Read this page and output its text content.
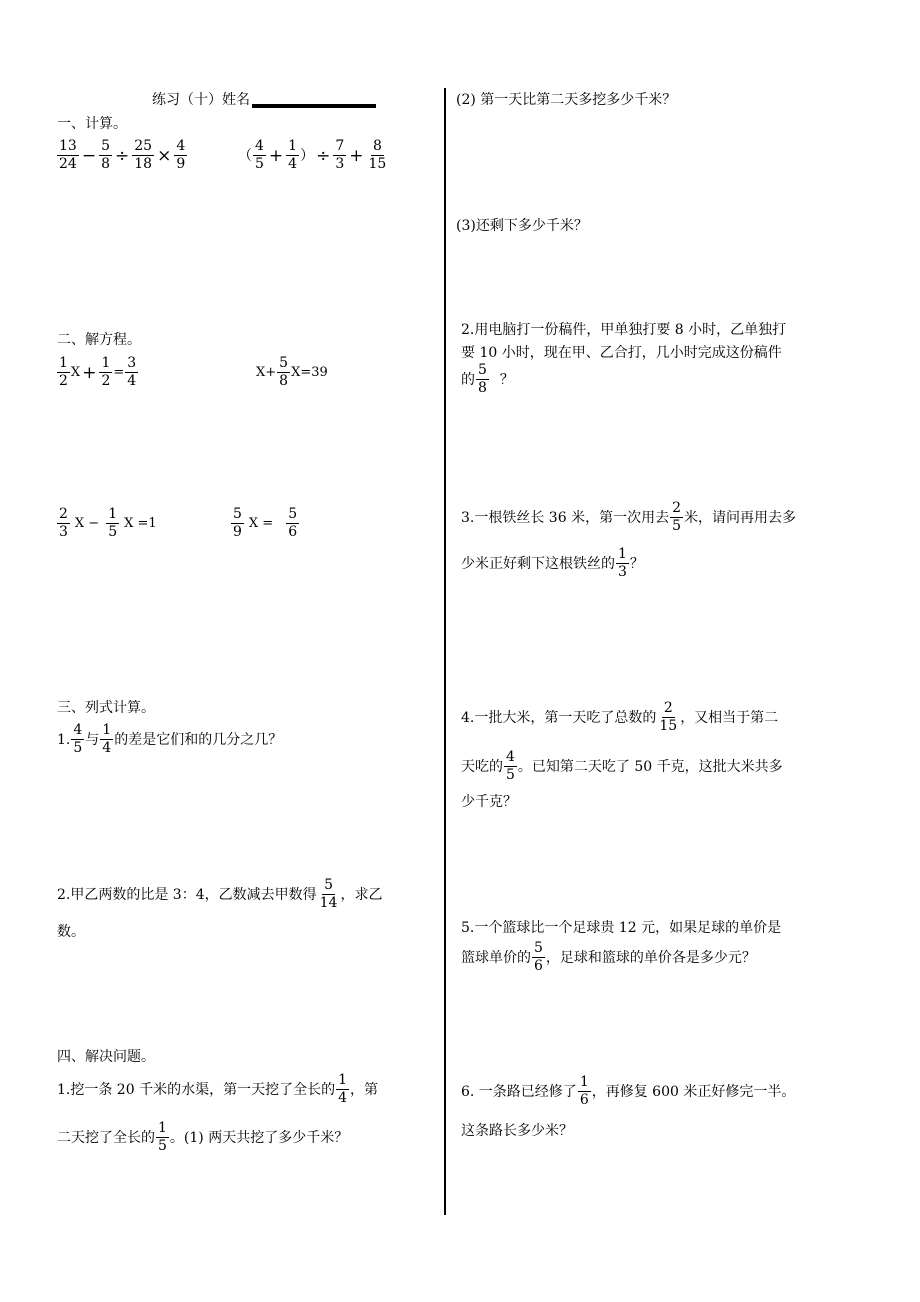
练习（十）姓名
一、计算。
$\frac{13}{24} - \frac{5}{8} \div \frac{25}{18} \times \frac{4}{9}$	（ $\frac{4}{5} + \frac{1}{4}$ ） ÷ $\frac{7}{3} + \frac{8}{15}$
二、解方程。
$\frac{1}{2}$ $X + \frac{1}{2} = \frac{3}{4}$	$X+ \frac{5}{8} X=39$
$\frac{2}{3}$ $X - \frac{1}{5}$ X =1	$\frac{5}{9}$ $X = \frac{5}{6}$
三、列式计算。
1. $\frac{4}{5}$ 与 $\frac{1}{4}$ 的差是它们和的几分之几？
2.甲乙两数的比是 3：4，乙数减去甲数得 $\frac{5}{14}$ ，求乙
数。
四、解决问题。
1.挖一条 20 千米的水渠，第一天挖了全长的 $\frac{1}{4}$ ，第
二天挖了全长的 $\frac{1}{5}$ 。(1) 两天共挖了多少千米？
(2) 第一天比第二天多挖多少千米？
(3)还剩下多少千米？
2.用电脑打一份稿件，甲单独打要 8 小时，乙单独打
要 10 小时，现在甲、乙合打，几小时完成这份稿件
的 $\frac{5}{8}$ ？
3.一根铁丝长 36 米，第一次用去 $\frac{2}{5}$ 米，请问再用去多
少米正好剩下这根铁丝的 $\frac{1}{3}$ ？
4.一批大米，第一天吃了总数的 $\frac{2}{15}$ ，又相当于第二
天吃的 $\frac{4}{5}$ 。已知第二天吃了 50 千克，这批大米共多
少千克？
5.一个篮球比一个足球贵 12 元，如果足球的单价是
篮球单价的 $\frac{5}{6}$ ，足球和篮球的单价各是多少元？
6. 一条路已经修了 $\frac{1}{6}$ ，再修复 600 米正好修完一半。
这条路长多少米？
